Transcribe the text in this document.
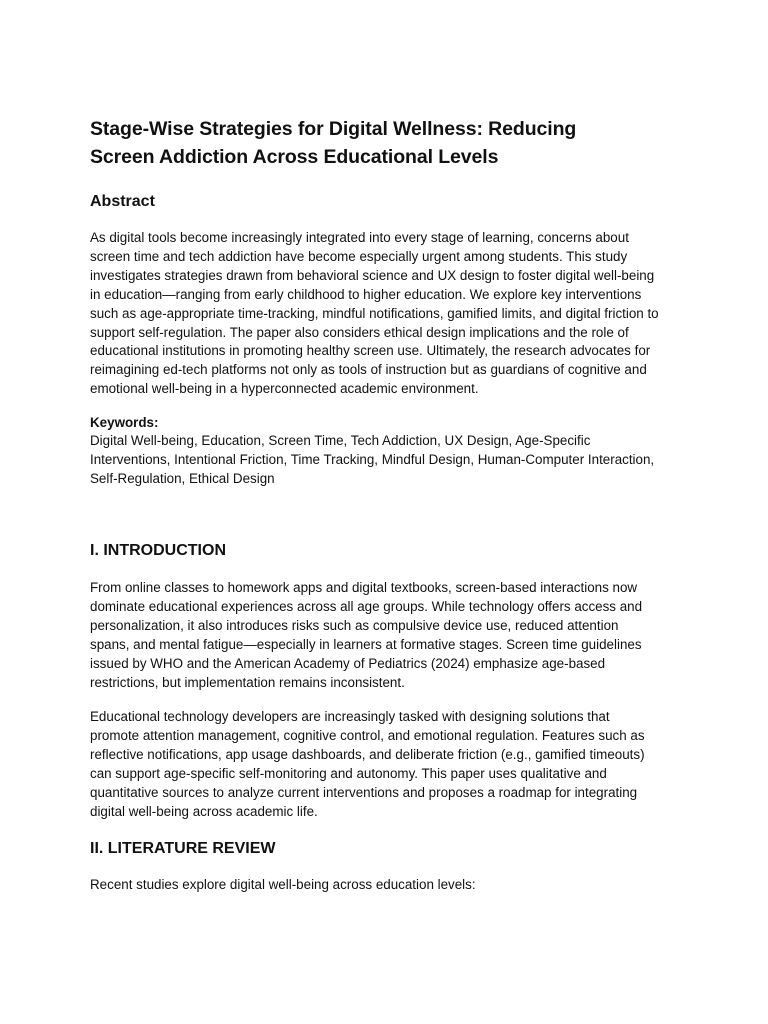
Stage-Wise Strategies for Digital Wellness: Reducing
Screen Addiction Across Educational Levels
Abstract

As digital tools become increasingly integrated into every stage of learning, concerns about
screen time and tech addiction have become especially urgent among students. This study
investigates strategies drawn from behavioral science and UX design to foster digital well-being
in education—ranging from early childhood to higher education. We explore key interventions
such as age-appropriate time-tracking, mindful notifications, gamified limits, and digital friction to
support self-regulation. The paper also considers ethical design implications and the role of
educational institutions in promoting healthy screen use. Ultimately, the research advocates for
reimagining ed-tech platforms not only as tools of instruction but as guardians of cognitive and
emotional well-being in a hyperconnected academic environment.

Keywords:

Digital Well-being, Education, Screen Time, Tech Addiction, UX Design, Age-Specific
Interventions, Intentional Friction, Time Tracking, Mindful Design, Human-Computer Interaction,
Self-Regulation, Ethical Design

I. INTRODUCTION

From online classes to homework apps and digital textbooks, screen-based interactions now
dominate educational experiences across all age groups. While technology offers access and
personalization, it also introduces risks such as compulsive device use, reduced attention
spans, and mental fatigue—especially in learners at formative stages. Screen time guidelines
issued by WHO and the American Academy of Pediatrics (2024) emphasize age-based
restrictions, but implementation remains inconsistent.

Educational technology developers are increasingly tasked with designing solutions that
promote attention management, cognitive control, and emotional regulation. Features such as
reflective notifications, app usage dashboards, and deliberate friction (e.g., gamified timeouts)
can support age-specific self-monitoring and autonomy. This paper uses qualitative and
quantitative sources to analyze current interventions and proposes a roadmap for integrating
digital well-being across academic life.

II. LITERATURE REVIEW

Recent studies explore digital well-being across education levels:
